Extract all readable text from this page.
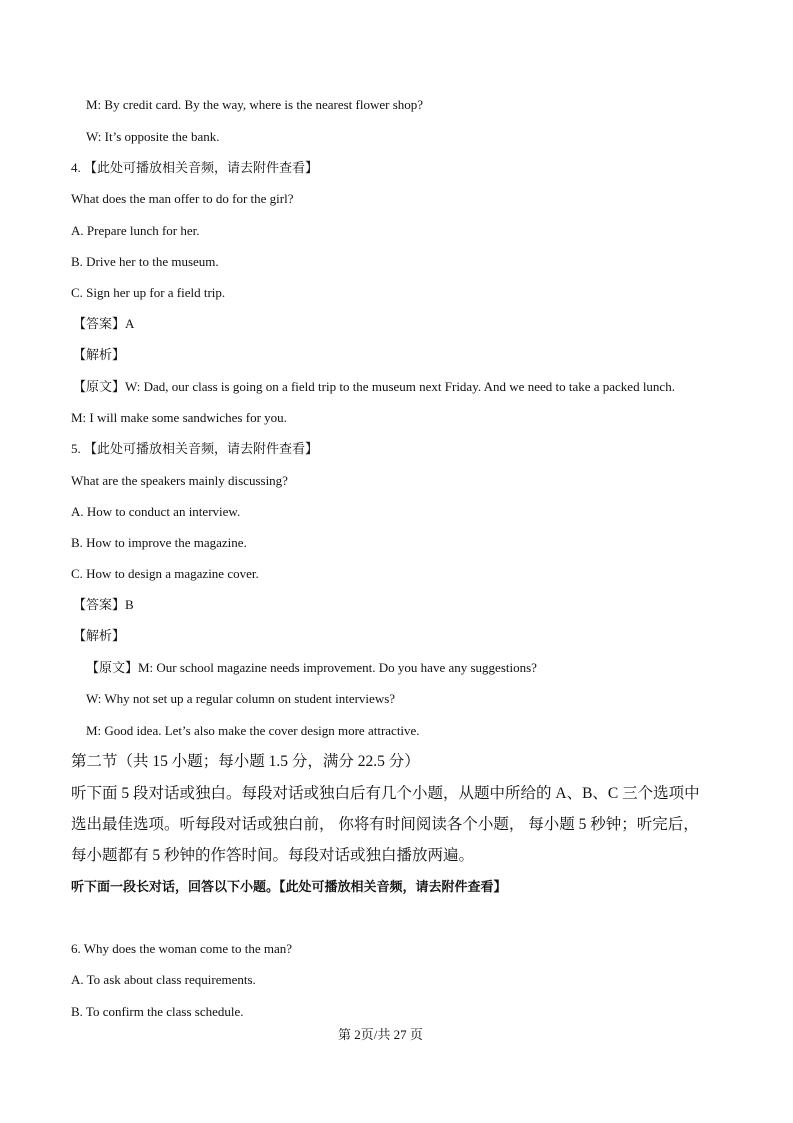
M: By credit card. By the way, where is the nearest flower shop?
W: It’s opposite the bank.
4. 【此处可播放相关音频，请去附件查看】
What does the man offer to do for the girl?
A. Prepare lunch for her.
B. Drive her to the museum.
C. Sign her up for a field trip.
【答案】A
【解析】
【原文】W: Dad, our class is going on a field trip to the museum next Friday. And we need to take a packed lunch.
M: I will make some sandwiches for you.
5. 【此处可播放相关音频，请去附件查看】
What are the speakers mainly discussing?
A. How to conduct an interview.
B. How to improve the magazine.
C. How to design a magazine cover.
【答案】B
【解析】
【原文】M: Our school magazine needs improvement. Do you have any suggestions?
W: Why not set up a regular column on student interviews?
M: Good idea. Let’s also make the cover design more attractive.
第二节（共 15 小题；每小题 1.5 分，满分 22.5 分）
听下面 5 段对话或独白。每段对话或独白后有几个小题，从题中所给的 A、B、C 三个选项中
选出最佳选项。听每段对话或独白前， 你将有时间阅读各个小题， 每小题 5 秒钟；听完后，
每小题都有 5 秒钟的作答时间。每段对话或独白播放两遍。
听下面一段长对话，回答以下小题。【此处可播放相关音频，请去附件查看】
6. Why does the woman come to the man?
A. To ask about class requirements.
B. To confirm the class schedule.
第 2页/共 27 页
